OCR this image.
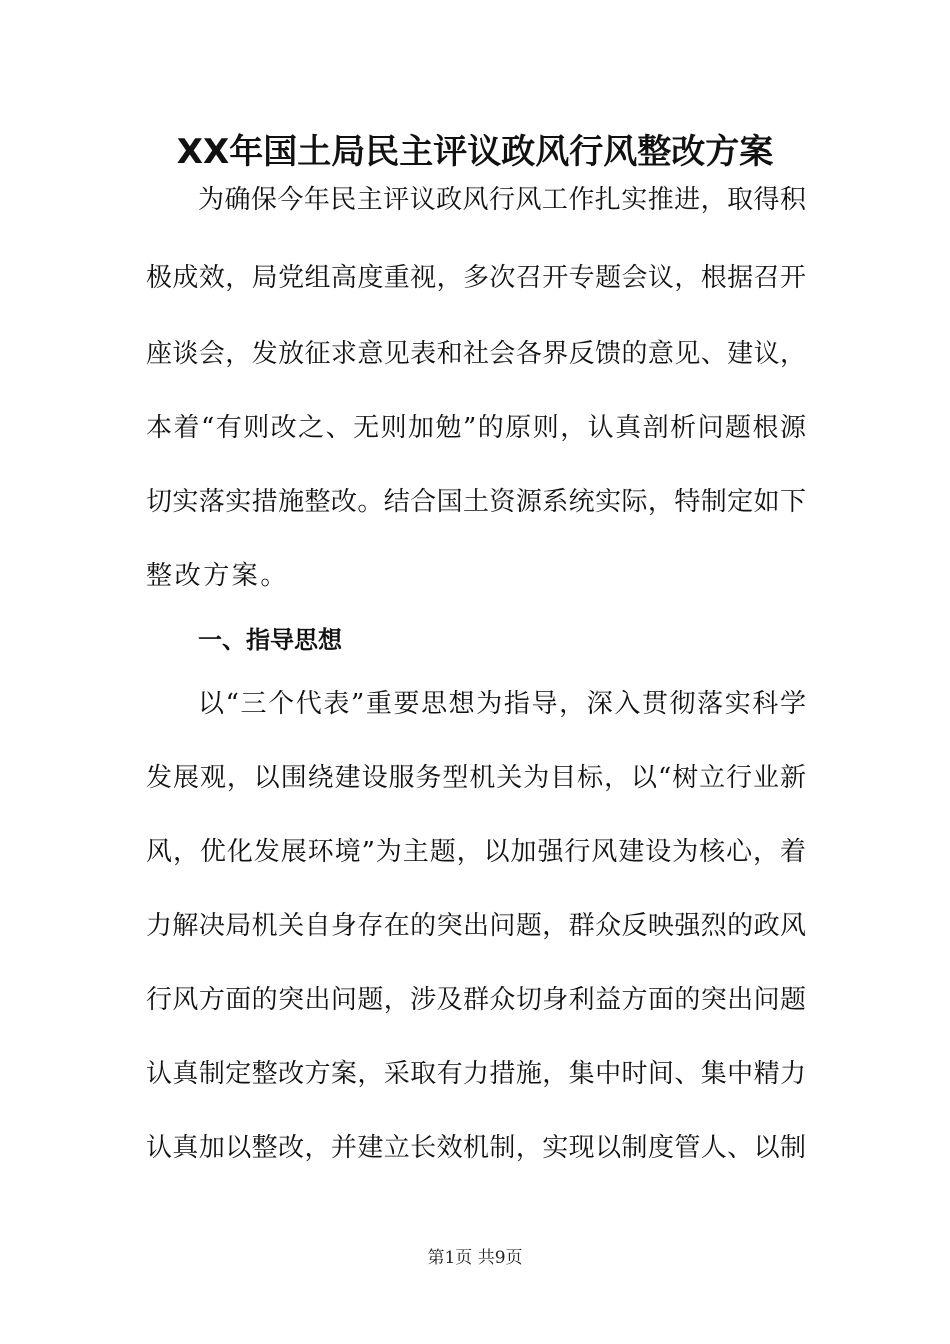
XX年国土局民主评议政风行风整改方案
为确保今年民主评议政风行风工作扎实推进，取得积
极成效，局党组高度重视，多次召开专题会议，根据召开
座谈会，发放征求意见表和社会各界反馈的意见、建议，
本着“有则改之、无则加勉”的原则，认真剖析问题根源
切实落实措施整改。结合国土资源系统实际，特制定如下
整改方案。
一、指导思想
以“三个代表”重要思想为指导，深入贯彻落实科学
发展观，以围绕建设服务型机关为目标，以“树立行业新
风，优化发展环境”为主题，以加强行风建设为核心，着
力解决局机关自身存在的突出问题，群众反映强烈的政风
行风方面的突出问题，涉及群众切身利益方面的突出问题
认真制定整改方案，采取有力措施，集中时间、集中精力
认真加以整改，并建立长效机制，实现以制度管人、以制
第1页 共9页
